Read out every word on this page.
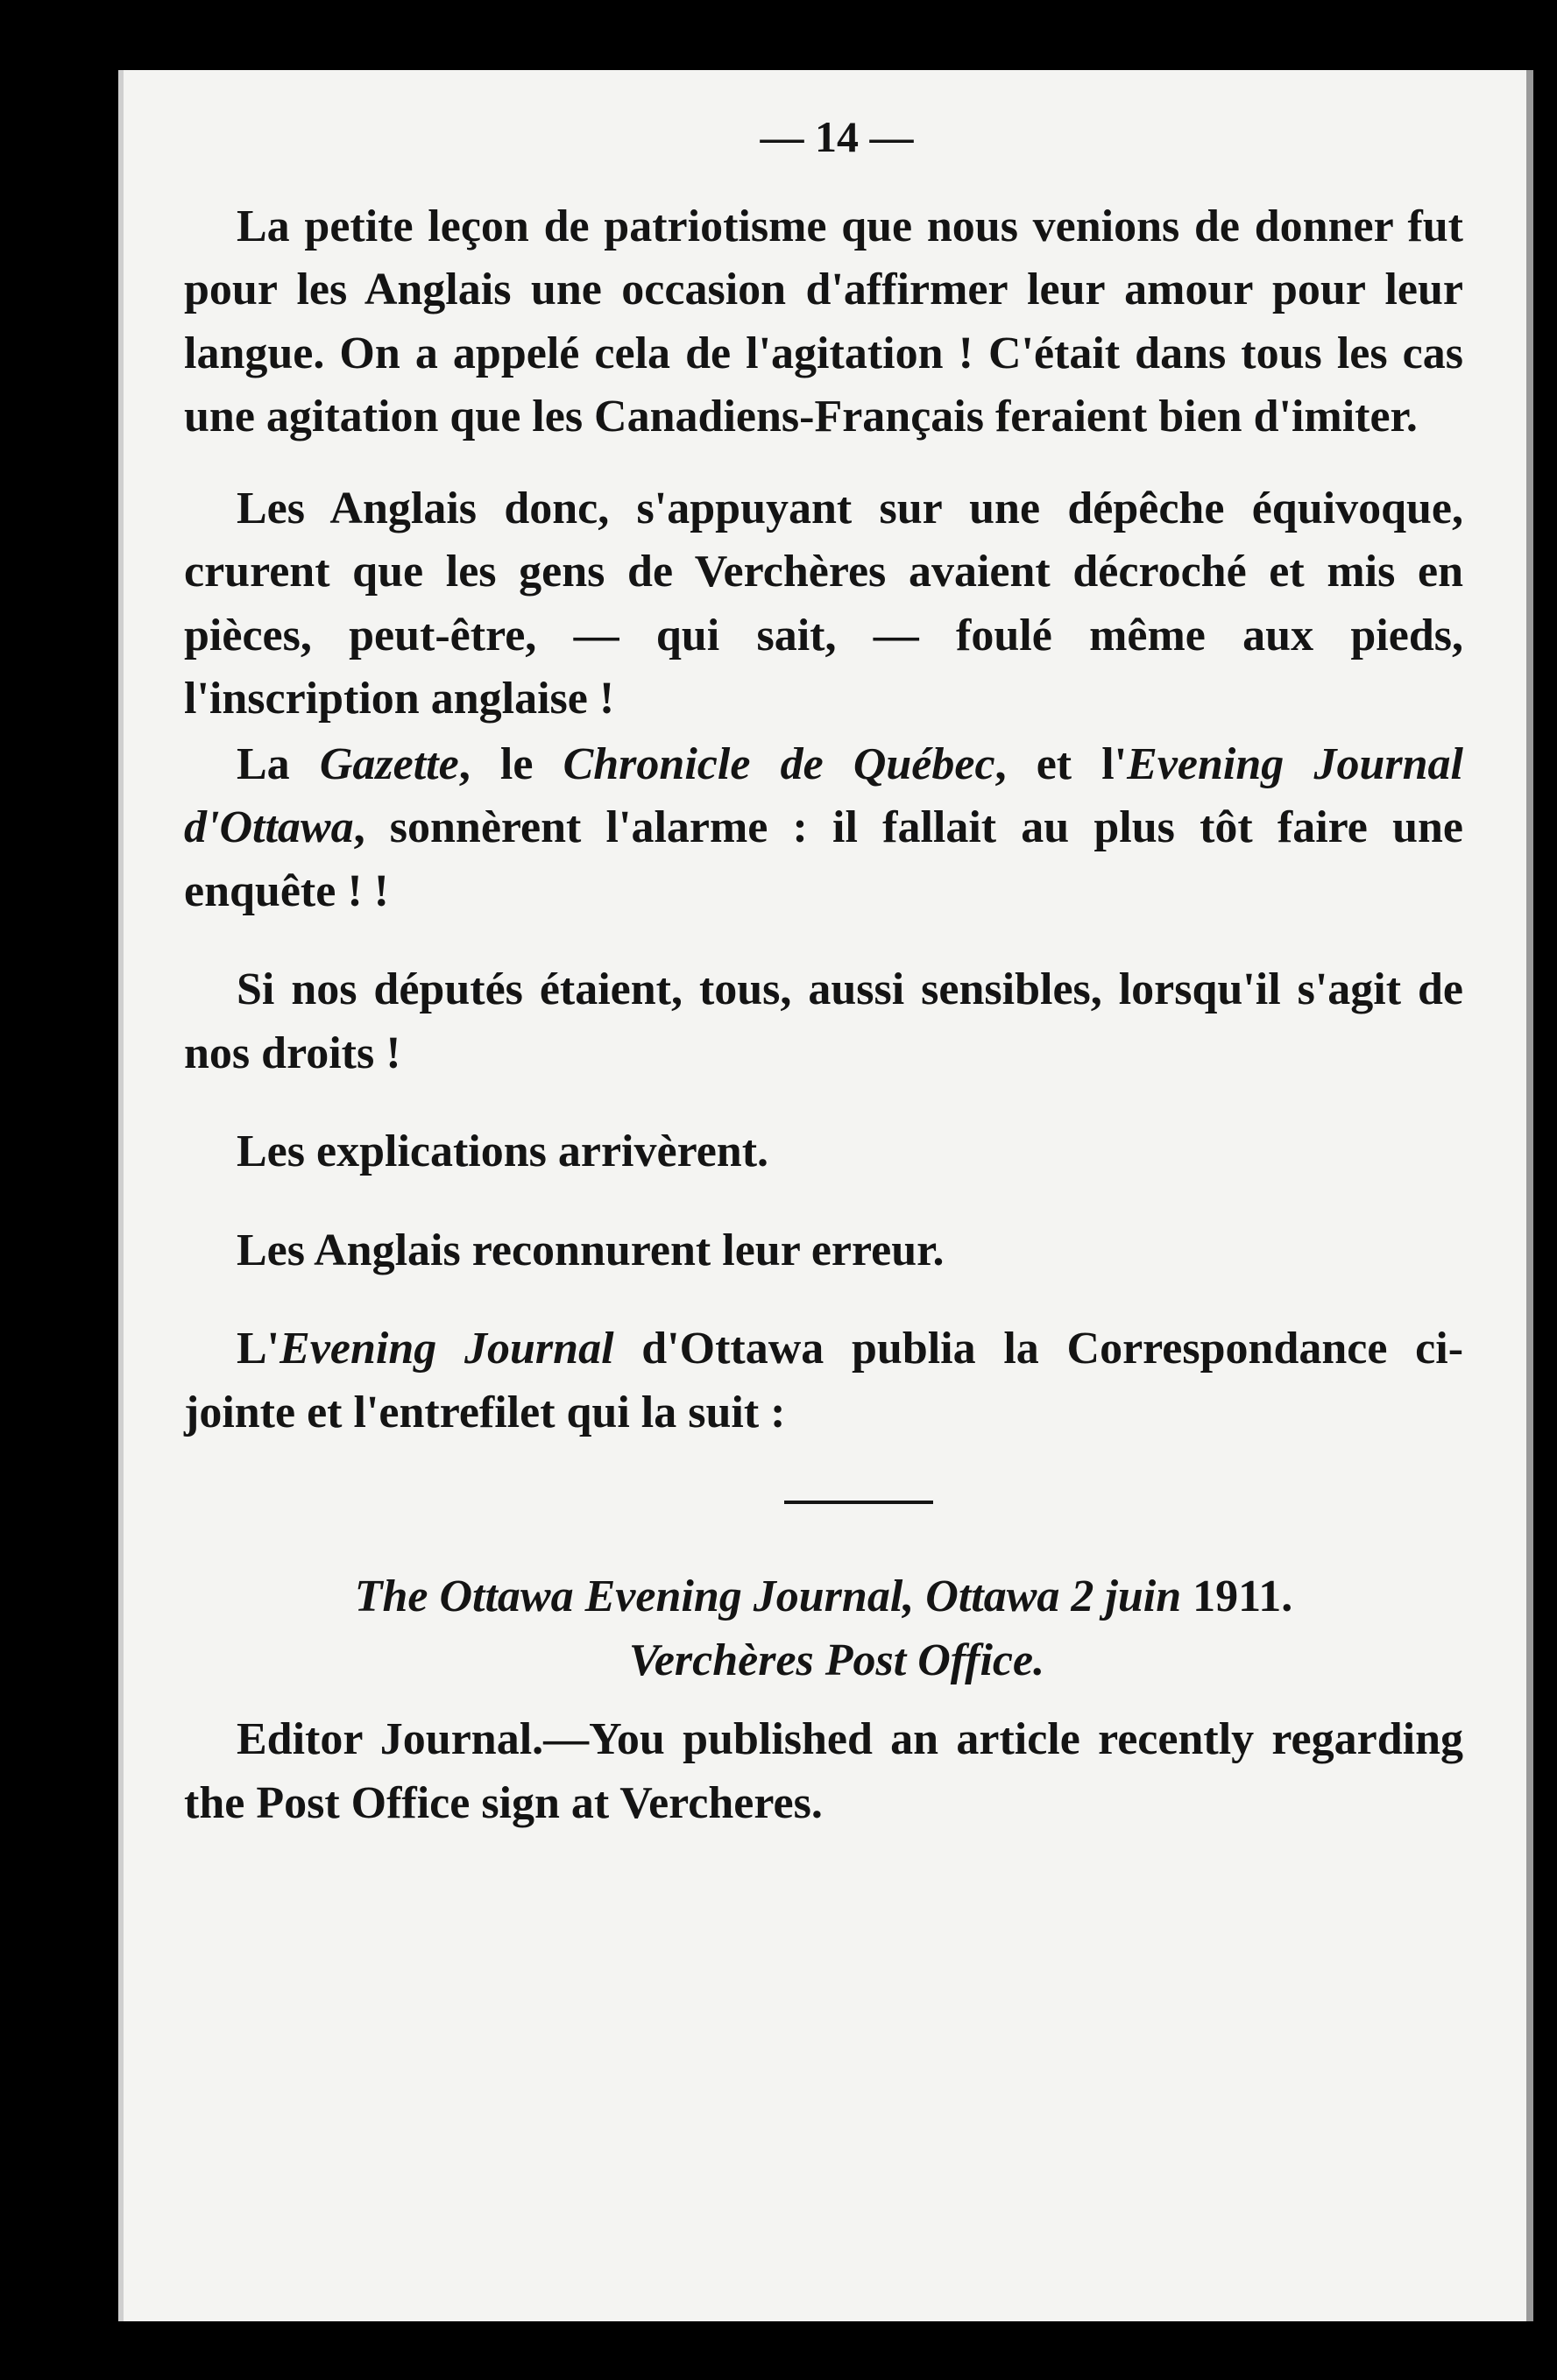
— 14 —

La petite leçon de patriotisme que nous venions de donner fut pour les Anglais une occasion d'affirmer leur amour pour leur langue. On a appelé cela de l'agitation ! C'était dans tous les cas une agitation que les Canadiens-Français feraient bien d'imiter.

Les Anglais donc, s'appuyant sur une dépêche équivoque, crurent que les gens de Verchères avaient décroché et mis en pièces, peut-être, — qui sait, — foulé même aux pieds, l'inscription anglaise !

La Gazette, le Chronicle de Québec, et l'Evening Journal d'Ottawa, sonnèrent l'alarme : il fallait au plus tôt faire une enquête ! !

Si nos députés étaient, tous, aussi sensibles, lorsqu'il s'agit de nos droits !

Les explications arrivèrent.

Les Anglais reconnurent leur erreur.

L'Evening Journal d'Ottawa publia la Correspondance ci-jointe et l'entrefilet qui la suit :

The Ottawa Evening Journal, Ottawa 2 juin 1911.

Verchères Post Office.

Editor Journal.—You published an article recently regarding the Post Office sign at Vercheres.
